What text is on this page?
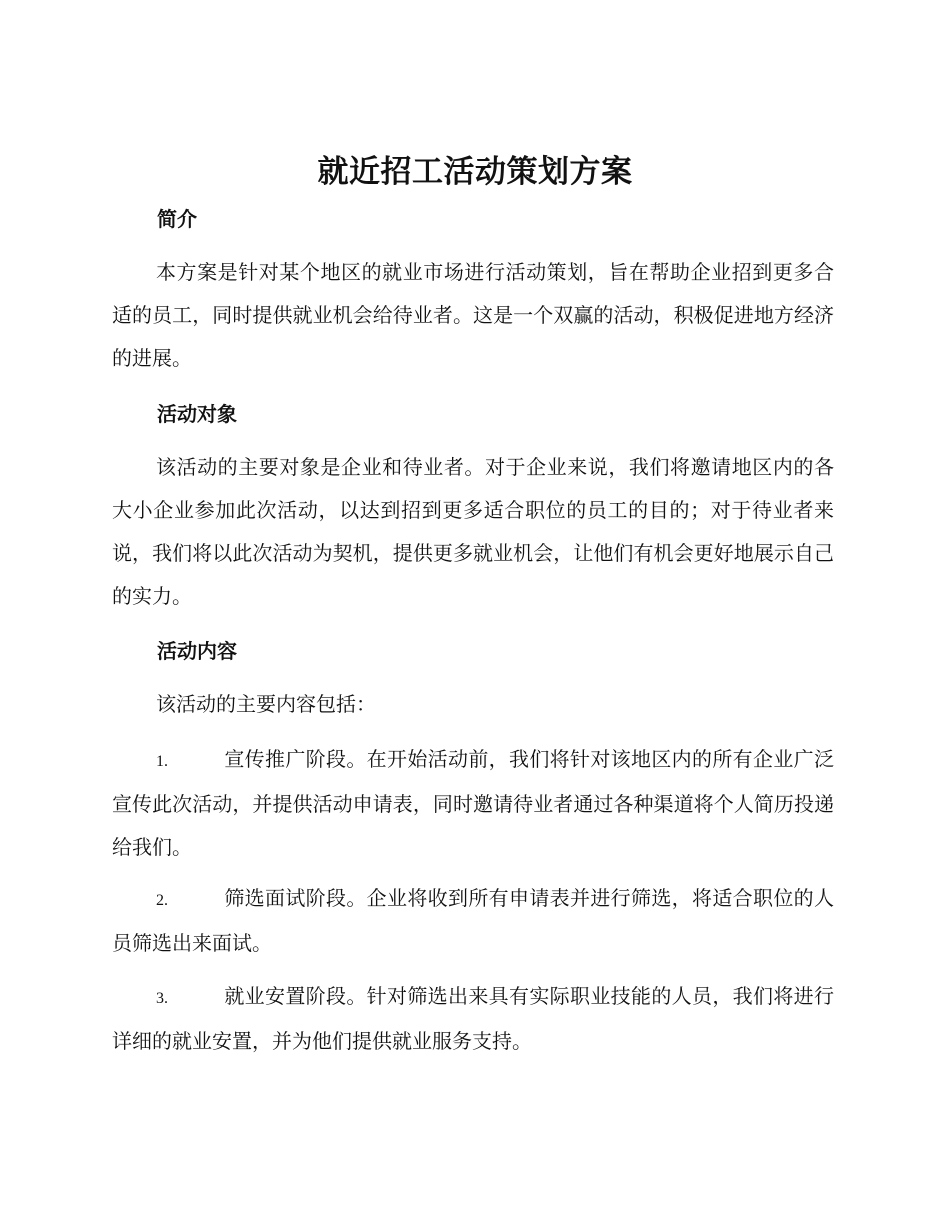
就近招工活动策划方案
简介

本方案是针对某个地区的就业市场进行活动策划，旨在帮助企业招到更多合适的员工，同时提供就业机会给待业者。这是一个双赢的活动，积极促进地方经济的进展。

活动对象

该活动的主要对象是企业和待业者。对于企业来说，我们将邀请地区内的各大小企业参加此次活动，以达到招到更多适合职位的员工的目的；对于待业者来说，我们将以此次活动为契机，提供更多就业机会，让他们有机会更好地展示自己的实力。

活动内容

该活动的主要内容包括：

1.	宣传推广阶段。在开始活动前，我们将针对该地区内的所有企业广泛宣传此次活动，并提供活动申请表，同时邀请待业者通过各种渠道将个人简历投递给我们。

2.	筛选面试阶段。企业将收到所有申请表并进行筛选，将适合职位的人员筛选出来面试。

3.	就业安置阶段。针对筛选出来具有实际职业技能的人员，我们将进行详细的就业安置，并为他们提供就业服务支持。
